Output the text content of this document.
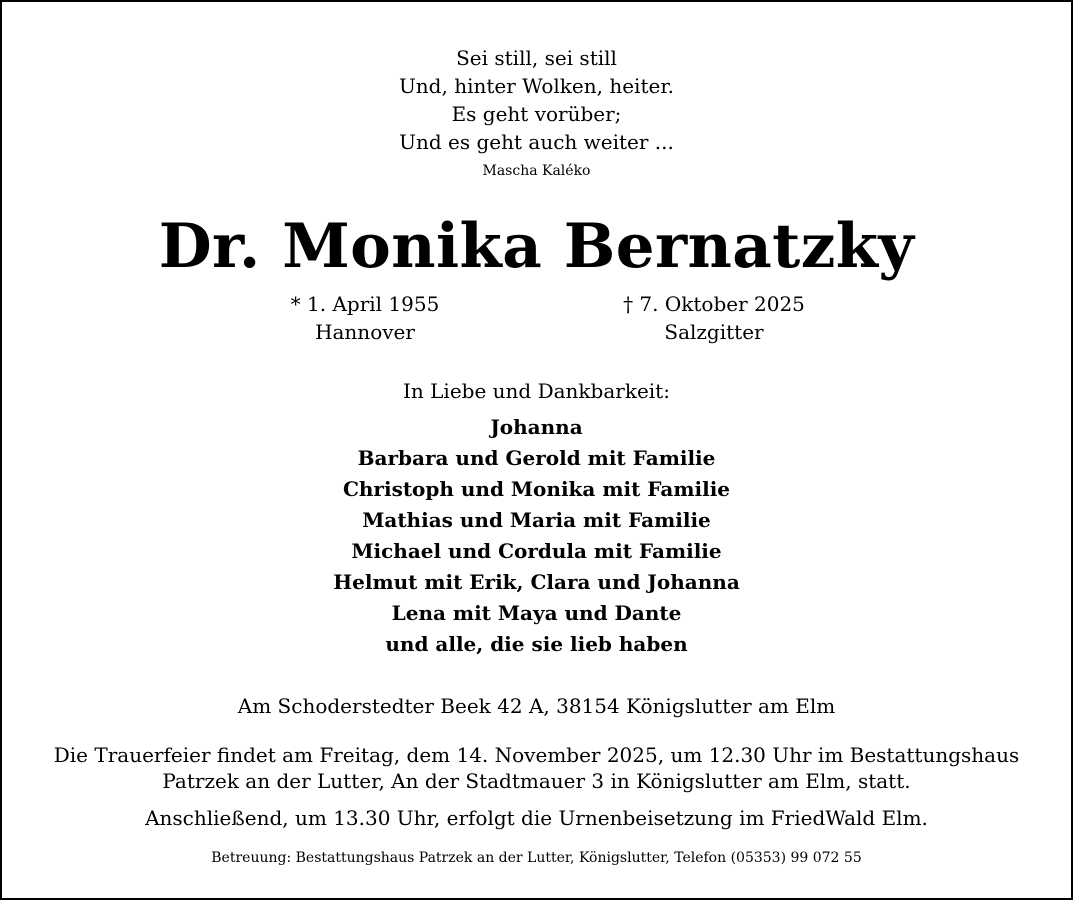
Sei still, sei still
Und, hinter Wolken, heiter.
Es geht vorüber;
Und es geht auch weiter ...
Mascha Kaléko
Dr. Monika Bernatzky
* 1. April 1955
Hannover
† 7. Oktober 2025
Salzgitter
In Liebe und Dankbarkeit:
Johanna
Barbara und Gerold mit Familie
Christoph und Monika mit Familie
Mathias und Maria mit Familie
Michael und Cordula mit Familie
Helmut mit Erik, Clara und Johanna
Lena mit Maya und Dante
und alle, die sie lieb haben
Am Schoderstedter Beek 42 A, 38154 Königslutter am Elm
Die Trauerfeier findet am Freitag, dem 14. November 2025, um 12.30 Uhr im Bestattungshaus
Patrzek an der Lutter, An der Stadtmauer 3 in Königslutter am Elm, statt.
Anschließend, um 13.30 Uhr, erfolgt die Urnenbeisetzung im FriedWald Elm.
Betreuung: Bestattungshaus Patrzek an der Lutter, Königslutter, Telefon (05353) 99 072 55
